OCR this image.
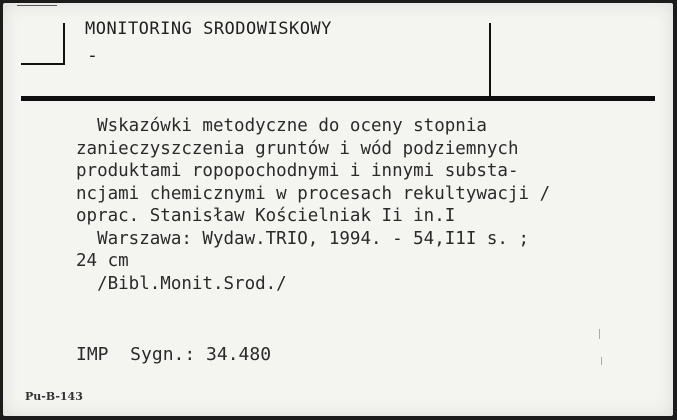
MONITORING SRODOWISKOWY
-
Wskazówki metodyczne do oceny stopnia
zanieczyszczenia gruntów i wód podziemnych
produktami ropopochodnymi i innymi substa-
ncjami chemicznymi w procesach rekultywacji /
oprac. Stanisław Kościelniak Ii in.I
Warszawa: Wydaw.TRIO, 1994. - 54,I1I s. ;
24 cm
/Bibl.Monit.Srod./
IMP  Sygn.: 34.480
Pu-B-143
